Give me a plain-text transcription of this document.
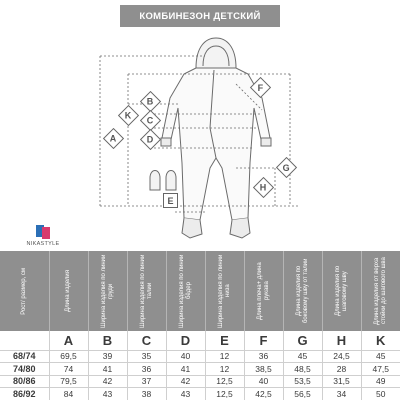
КОМБИНЕЗОН ДЕТСКИЙ
A
B
C
D
E
F
G
H
K
NIKASTYLE
Рост/ размер, см	Длина изделия	Ширина изделия по линии груди	Ширина изделия по линии талии	Ширина изделия по линии бёдер	Ширина изделия по линии низа	Длина плеча+ длина рукава	Длина изделия по боковому шву от талии	Длина изделия по шаговому шву	Длина изделия от верха стойки до шагового шва

	A	B	C	D	E	F	G	H	K
68/74	69,5	39	35	40	12	36	45	24,5	45
74/80	74	41	36	41	12	38,5	48,5	28	47,5
80/86	79,5	42	37	42	12,5	40	53,5	31,5	49
86/92	84	43	38	43	12,5	42,5	56,5	34	50
